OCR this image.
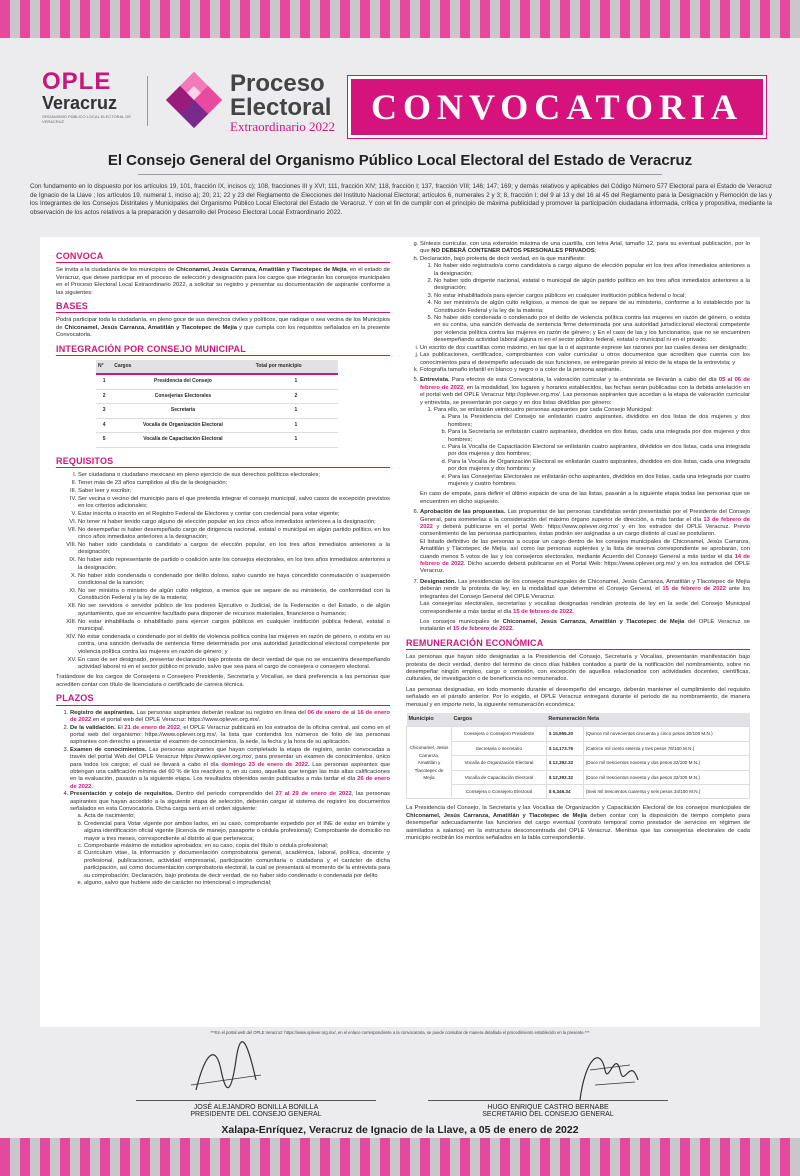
OPLE
Veracruz
ORGANISMO PÚBLICO LOCAL ELECTORAL DE VERACRUZ
Proceso
Electoral
Extraordinario 2022 CONVOCATORIA
El Consejo General del Organismo Público Local Electoral del Estado de Veracruz
Con fundamento en lo dispuesto por los artículos 19, 101, fracción IX, incisos c); 108, fracciones III y XVI; 111, fracción XIV; 118, fracción I; 137, fracción VIII; 146; 147; 169; y demás relativos y aplicables del Código Número 577 Electoral para el Estado de Veracruz de Ignacio de la Llave ; los artículos 19, numeral 1, inciso a); 20; 21; 22 y 23 del Reglamento de Elecciones del Instituto Nacional Electoral; artículos 6, numerales 2 y 3; 8, fracción I; del 9 al 13 y del 16 al 45 del Reglamento para la Designación y Remoción de las y los Integrantes de los Consejos Distritales y Municipales del Organismo Público Local Electoral del Estado de Veracruz. Y con el fin de cumplir con el principio de máxima publicidad y promover la participación ciudadana informada, crítica y propositiva, mediante la observación de los actos relativos a la preparación y desarrollo del Proceso Electoral Local Extraordinario 2022.
CONVOCA

Se invita a la ciudadanía de los municipios de Chiconamel, Jesús Carranza, Amatitlán y Tlacotepec de Mejía, en el estado de Veracruz, que desee participar en el proceso de selección y designación para los cargos que integrarán los consejos municipales en el Proceso Electoral Local Extraordinario 2022, a solicitar su registro y presentar su documentación de aspirante conforme a las siguientes:

BASES

Podrá participar toda la ciudadanía, en pleno goce de sus derechos civiles y políticos, que radique o sea vecina de los Municipios de Chiconamel, Jesús Carranza, Amatitlán y Tlacotepec de Mejía y que cumpla con los requisitos señalados en la presente Convocatoria.

INTEGRACIÓN POR CONSEJO MUNICIPAL
N°	Cargos	Total por municipio
1	Presidencia del Consejo	1
2	Consejerías Electorales	2
3	Secretaría	1
4	Vocalía de Organización Electoral	1
5	Vocalía de Capacitación Electoral	1
REQUISITOS
I. Ser ciudadana o ciudadano mexicano en pleno ejercicio de sus derechos políticos electorales;
II. Tener más de 23 años cumplidos al día de la designación;
III. Saber leer y escribir;
IV. Ser vecina o vecino del municipio para el que pretenda integrar el consejo municipal, salvo casos de excepción previstos en los criterios adicionales;
V. Estar inscrita o inscrito en el Registro Federal de Electores y contar con credencial para votar vigente;
VI. No tener ni haber tenido cargo alguno de elección popular en los cinco años inmediatos anteriores a la designación;
VII. No desempeñar ni haber desempeñado cargo de dirigencia nacional, estatal o municipal en algún partido político, en los cinco años inmediatos anteriores a la designación;
VIII. No haber sido candidata o candidato a cargos de elección popular, en los tres años inmediatos anteriores a la designación;
IX. No haber sido representante de partido o coalición ante los consejos electorales, en los tres años inmediatos anteriores a la designación;
X. No haber sido condenada o condenado por delito doloso, salvo cuando se haya concedido conmutación o suspensión condicional de la sanción;
XI. No ser ministra o ministro de algún culto religioso, a menos que se separe de su ministerio, de conformidad con la Constitución Federal y la ley de la materia;
XII. No ser servidora o servidor público de los poderes Ejecutivo o Judicial, de la Federación o del Estado, o de algún ayuntamiento, que se encuentre facultado para disponer de recursos materiales, financieros o humanos;
XIII. No estar inhabilitada o inhabilitado para ejercer cargos públicos en cualquier institución pública federal, estatal o municipal.
XIV. No estar condenada o condenado por el delito de violencia política contra las mujeres en razón de género, o exista en su contra, una sanción derivada de sentencia firme determinada por una autoridad jurisdiccional electoral competente por violencia política contra las mujeres en razón de género; y
XV. En caso de ser designado, presentar declaración bajo protesta de decir verdad de que no se encuentra desempeñando actividad laboral ni en el sector público ni privado, salvo que sea para el cargo de consejera o consejero electoral.

Tratándose de los cargos de Consejera o Consejero Presidente, Secretaría y Vocalías, se dará preferencia a las personas que acrediten contar con título de licenciatura o certificado de carrera técnica.

PLAZOS
1. Registro de aspirantes. Las personas aspirantes deberán realizar su registro en línea del 06 de enero de al 16 de enero de 2022 en el portal web del OPLE Veracruz: https://www.oplever.org.mx/.
2. De la validación. El 21 de enero de 2022, el OPLE Veracruz publicará en los estrados de la oficina central, así como en el portal web del organismo: https://www.oplever.org.mx/, la lista que contendrá los números de folio de las personas aspirantes con derecho a presentar el examen de conocimientos, la sede, la fecha y la hora de su aplicación.
3. Examen de conocimientos. Las personas aspirantes que hayan completado la etapa de registro, serán convocadas a través del portal Web del OPLE Veracruz https://www.oplever.org.mx/, para presentar un examen de conocimientos, único para todos los cargos; el cual se llevará a cabo el día domingo 23 de enero de 2022. Las personas aspirantes que obtengan una calificación mínima del 60 % de los reactivos o, en su caso, aquellas que tengan las más altas calificaciones en la evaluación, pasarán a la siguiente etapa. Los resultados obtenidos serán publicados a más tardar el día 26 de enero de 2022.
4. Presentación y cotejo de requisitos. Dentro del periodo comprendido del 27 al 29 de enero de 2022, las personas aspirantes que hayan accedido a la siguiente etapa de selección, deberán cargar al sistema de registro los documentos señalados en esta Convocatoria. Dicha carga será en el orden siguiente:
a. Acta de nacimiento;
b. Credencial para Votar vigente por ambos lados, en su caso, comprobante expedido por el INE de estar en trámite y alguna identificación oficial vigente (licencia de manejo, pasaporte o cédula profesional); Comprobante de domicilio no mayor a tres meses, correspondiente al distrito al que pertenezca;
c. Comprobante máximo de estudios aprobados; en su caso, copia del título o cédula profesional;
d. Curriculum vitae, la información y documentación comprobatoria general, académica, laboral, política, docente y profesional, publicaciones, actividad empresarial, participación comunitaria o ciudadana y el carácter de dicha participación, así como documentación comprobatoria electoral, la cual se presentará al momento de la entrevista para su comprobación; Declaración, bajo protesta de decir verdad, de no haber sido condenado o condenada por delito
e. alguno, salvo que hubiere sido de carácter no intencional o imprudencial;
g. Síntesis curricular, con una extensión máxima de una cuartilla, con letra Arial, tamaño 12, para su eventual publicación, por lo que NO DEBERÁ CONTENER DATOS PERSONALES PRIVADOS;
h. Declaración, bajo protesta de decir verdad, en la que manifieste:
1. No haber sido registrado/a como candidato/a a cargo alguno de elección popular en los tres años inmediatos anteriores a la designación;
2. No haber sido dirigente nacional, estatal o municipal de algún partido político en los tres años inmediatos anteriores a la designación;
3. No estar inhabilitado/a para ejercer cargos públicos en cualquier institución pública federal o local;
4. No ser ministro/a de algún culto religioso, a menos de que se separe de su ministerio, conforme a lo establecido por la Constitución Federal y la ley de la materia;
5. No haber sido condenada o condenado por el delito de violencia política contra las mujeres en razón de género, o exista en su contra, una sanción derivada de sentencia firme determinada por una autoridad jurisdiccional electoral competente por violencia política contra las mujeres en razón de género; y En el caso de las y los funcionarios, que no se encuentren desempeñando actividad laboral alguna ni en el sector público federal, estatal o municipal ni en el privado.
i. Un escrito de dos cuartillas como máximo, en las que la o el aspirante exprese las razones por las cuales desea ser designado;
j. Las publicaciones, certificados, comprobantes con valor curricular u otros documentos que acrediten que cuenta con los conocimientos para el desempeño adecuado de sus funciones, se entregarán previo al inicio de la etapa de la entrevista; y
k. Fotografía tamaño infantil en blanco y negro o a color de la persona aspirante.
5. Entrevista. Para efectos de esta Convocatoria, la valoración curricular y la entrevista se llevarán a cabo del día 05 al 06 de febrero de 2022, en la modalidad, los lugares y horarios establecidos, las fechas serán publicadas con la debida antelación en el portal web del OPLE Veracruz http://oplever.org.mx/. Las personas aspirantes que accedan a la etapa de valoración curricular y entrevista, se presentarán por cargo y en dos listas divididas por género:
1. Para ello, se enlistarán veinticuatro personas aspirantes por cada Consejo Municipal:
a. Para la Presidencia del Consejo se enlistarán cuatro aspirantes, divididos en dos listas de dos mujeres y dos hombres;
b. Para la Secretaría se enlistarán cuatro aspirantes, divididos en dos listas, cada una integrada por dos mujeres y dos hombres;
c. Para la Vocalía de Capacitación Electoral se enlistarán cuatro aspirantes, divididos en dos listas, cada una integrada por dos mujeres y dos hombres;
d. Para la Vocalía de Organización Electoral se enlistarán cuatro aspirantes, divididos en dos listas, cada una integrada por dos mujeres y dos hombres; y
e. Para las Consejerías Electorales se enlistarán ocho aspirantes, divididos en dos listas, cada una integrada por cuatro mujeres y cuatro hombres.

En caso de empate, para definir el último espacio de una de las listas, pasarán a la siguiente etapa todas las personas que se encuentren en dicho supuesto.

6. Aprobación de las propuestas. Las propuestas de las personas candidatas serán presentadas por el Presidente del Consejo General, para someterlas a la consideración del máximo órgano superior de dirección, a más tardar el día 13 de febrero de 2022 y deberá publicarse en el portal Web: https://www.oplever.org.mx/ y en los estrados del OPLE Veracruz. Previo consentimiento de las personas participantes, éstas podrán ser asignadas a un cargo distinto al cual se postularon.

El listado definitivo de las personas a ocupar un cargo dentro de los consejos municipales de Chiconamel, Jesús Carranza, Amatitlán y Tlacotepec de Mejía, así como las personas suplentes y la lista de reserva correspondiente se aprobarán, con cuando menos 5 votos de las y los consejeros electorales, mediante Acuerdo del Consejo General a más tardar el día 14 de febrero de 2022. Dicho acuerdo deberá publicarse en el Portal Web: https://www.oplever.org.mx/ y en los estrados del OPLE Veracruz.

7. Designación. Las presidencias de los consejos municipales de Chiconamel, Jesús Carranza, Amatitlán y Tlacotepec de Mejía deberán rendir la protesta de ley, en la modalidad que determine el Consejo General, el 15 de febrero de 2022 ante los integrantes del Consejo General del OPLE Veracruz.

Las consejerías electorales, secretarías y vocalías designadas rendirán protesta de ley en la sede del Consejo Municipal correspondiente a más tardar el día 15 de febrero de 2022.

Los consejos municipales de Chiconamel, Jesús Carranza, Amatitlán y Tlacotepec de Mejía del OPLE Veracruz se instalarán el 15 de febrero de 2022.

REMUNERACIÓN ECONÓMICA

Las personas que hayan sido designadas a la Presidencia del Consejo, Secretaría y Vocalías, presentarán manifestación bajo protesta de decir verdad, dentro del término de cinco días hábiles contados a partir de la notificación del nombramiento, sobre no desempeñar ningún empleo, cargo o comisión, con excepción de aquellos relacionados con actividades docentes, científicas, culturales, de investigación o de beneficencia no remunerados.

Las personas designadas, en todo momento durante el desempeño del encargo, deberán mantener el cumplimiento del requisito señalado en el párrafo anterior. Por lo exigido, el OPLE Veracruz entregará durante el periodo de su nombramiento, de manera mensual y en importe neto, la siguiente remuneración económica:

Municipio	Cargos	Remuneración Neta	
Chiconamel, Jesús Carranza, Amatitlán y Tlacotepec de Mejía	Consejera o Consejero Presidente	$ 15,955.20	(Quince mil novecientos cincuenta y cinco pesos 20/100 M.N.)
	Secretaria o secretario	$ 14,173.76	(Catorce mil ciento setenta y tres pesos 76/100 M.N.)
	Vocalía de Organización Electoral	$ 12,392.32	(Doce mil trescientos noventa y dos pesos 32/100 M.N.)
	Vocalía de Capacitación Electoral	$ 12,392.32	(Doce mil trescientos noventa y dos pesos 32/100 M.N.)
	Consejera o Consejero Electoral	$ 6,346.34	(Seis mil trescientos cuarenta y seis pesos 34/100 M.N.)

La Presidencia del Consejo, la Secretaría y las Vocalías de Organización y Capacitación Electoral de los consejos municipales de Chiconamel, Jesús Carranza, Amatitlán y Tlacotepec de Mejía deben contar con la disposición de tiempo completo para desempeñar adecuadamente las funciones del cargo eventual (contrato temporal como prestador de servicios en régimen de asimilados a salarios) en la estructura desconcentrada del OPLE Veracruz. Mientras que las consejerías electorales de cada municipio recibirán los montos señalados en la tabla correspondiente.

***En el portal web del OPLE Veracruz: https://www.oplever.org.mx/, en el enlace correspondiente a la convocatoria, se puede consultar de manera detallada el procedimiento establecido en la presente.***
JOSÉ ALEJANDRO BONILLA BONILLA
PRESIDENTE DEL CONSEJO GENERAL
HUGO ENRIQUE CASTRO BERNABE
SECRETARIO DEL CONSEJO GENERAL
Xalapa-Enríquez, Veracruz de Ignacio de la Llave, a 05 de enero de 2022
